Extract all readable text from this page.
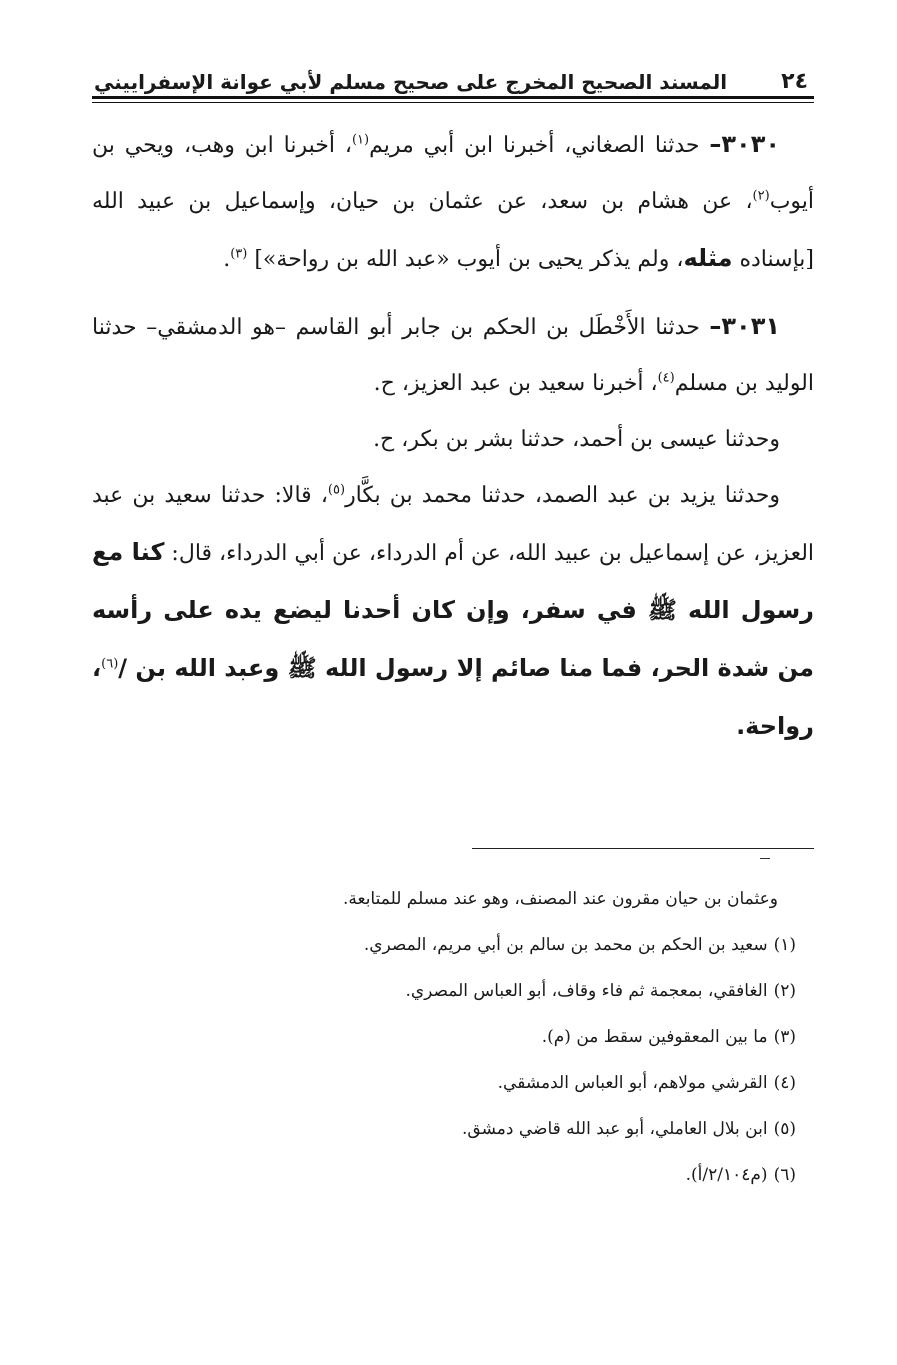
٢٤
المسند الصحيح المخرج على صحيح مسلم لأبي عوانة الإسفراييني

٣٠٣٠– حدثنا الصغاني، أخبرنا ابن أبي مريم$^{(١)}$، أخبرنا ابن وهب، ويحي بن أيوب$^{(٢)}$، عن هشام بن سعد، عن عثمان بن حيان، وإسماعيل بن عبيد الله [بإسناده مثله، ولم يذكر يحيى بن أيوب «عبد الله بن رواحة»] $^{(٣)}$.

٣٠٣١– حدثنا الأَخْطَل بن الحكم بن جابر أبو القاسم –هو الدمشقي– حدثنا الوليد بن مسلم$^{(٤)}$، أخبرنا سعيد بن عبد العزيز، ح.

وحدثنا عيسى بن أحمد، حدثنا بشر بن بكر، ح.

وحدثنا يزيد بن عبد الصمد، حدثنا محمد بن بكَّار$^{(٥)}$، قالا: حدثنا سعيد بن عبد العزيز، عن إسماعيل بن عبيد الله، عن أم الدرداء، عن أبي الدرداء، قال: كنا مع رسول الله ﷺ في سفر، وإن كان أحدنا ليضع يده على رأسه من شدة الحر، فما منا صائم إلا رسول الله ﷺ وعبد الله بن /$^{(٦)}$، رواحة.

وعثمان بن حيان مقرون عند المصنف، وهو عند مسلم للمتابعة.
(١)سعيد بن الحكم بن محمد بن سالم بن أبي مريم، المصري.
(٢)الغافقي، بمعجمة ثم فاء وقاف، أبو العباس المصري.
(٣)ما بين المعقوفين سقط من (م).
(٤)القرشي مولاهم، أبو العباس الدمشقي.
(٥)ابن بلال العاملي، أبو عبد الله قاضي دمشق.
(٦)(م٢/١٠٤/أ).
